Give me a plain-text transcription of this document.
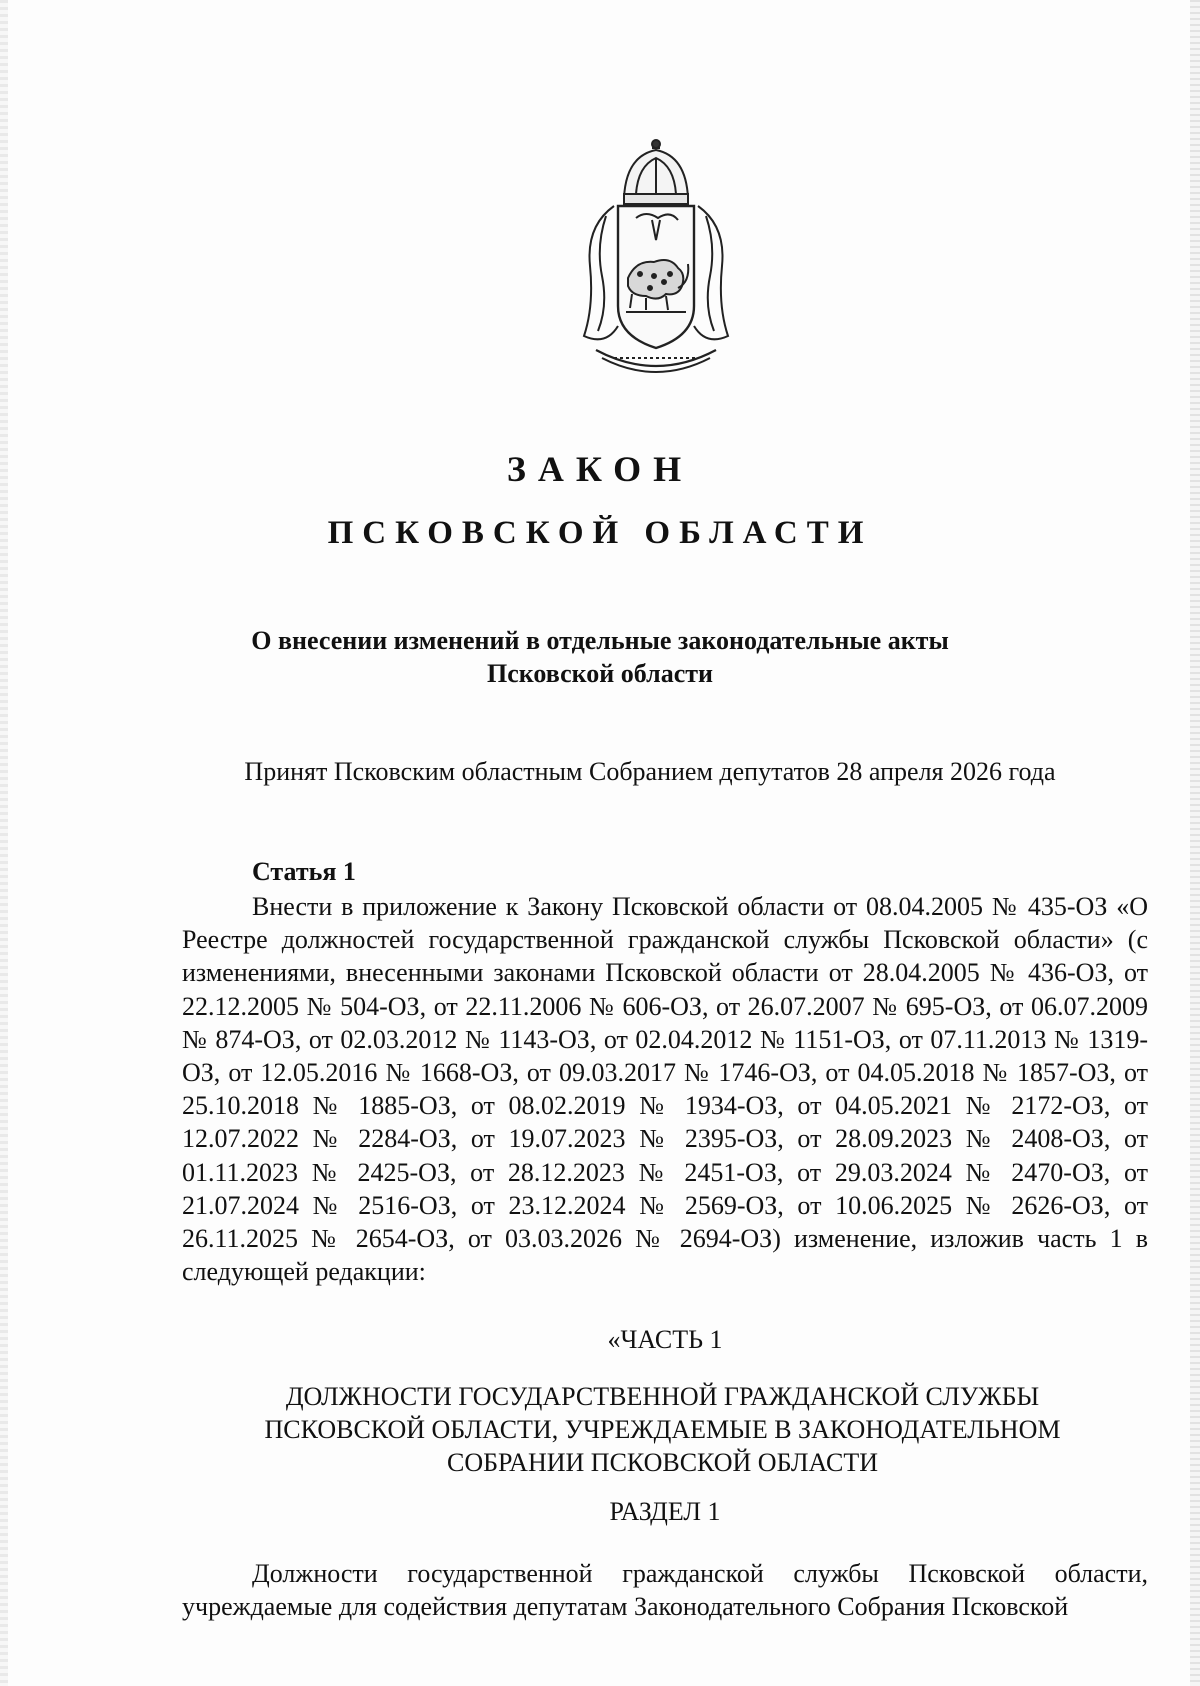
ЗАКОН
ПСКОВСКОЙ ОБЛАСТИ
О внесении изменений в отдельные законодательные акты
Псковской области
Принят Псковским областным Собранием депутатов 28 апреля 2026 года
Статья 1

Внести в приложение к Закону Псковской области от 08.04.2005 № 435-ОЗ «О Реестре должностей государственной гражданской службы Псковской области» (с изменениями, внесенными законами Псковской области от 28.04.2005 № 436-ОЗ, от 22.12.2005 № 504-ОЗ, от 22.11.2006 № 606-ОЗ, от 26.07.2007 № 695-ОЗ, от 06.07.2009 № 874-ОЗ, от 02.03.2012 № 1143-ОЗ, от 02.04.2012 № 1151-ОЗ, от 07.11.2013 № 1319-ОЗ, от 12.05.2016 № 1668-ОЗ, от 09.03.2017 № 1746-ОЗ, от 04.05.2018 № 1857-ОЗ, от 25.10.2018 № 1885-ОЗ, от 08.02.2019 № 1934-ОЗ, от 04.05.2021 № 2172-ОЗ, от 12.07.2022 № 2284-ОЗ, от 19.07.2023 № 2395-ОЗ, от 28.09.2023 № 2408-ОЗ, от 01.11.2023 № 2425-ОЗ, от 28.12.2023 № 2451-ОЗ, от 29.03.2024 № 2470-ОЗ, от 21.07.2024 № 2516-ОЗ, от 23.12.2024 № 2569-ОЗ, от 10.06.2025 № 2626-ОЗ, от 26.11.2025 № 2654-ОЗ, от 03.03.2026 № 2694-ОЗ) изменение, изложив часть 1 в следующей редакции:

«ЧАСТЬ 1
ДОЛЖНОСТИ ГОСУДАРСТВЕННОЙ ГРАЖДАНСКОЙ СЛУЖБЫ
ПСКОВСКОЙ ОБЛАСТИ, УЧРЕЖДАЕМЫЕ В ЗАКОНОДАТЕЛЬНОМ
СОБРАНИИ ПСКОВСКОЙ ОБЛАСТИ
РАЗДЕЛ 1

Должности государственной гражданской службы Псковской области, учреждаемые для содействия депутатам Законодательного Собрания Псковской
